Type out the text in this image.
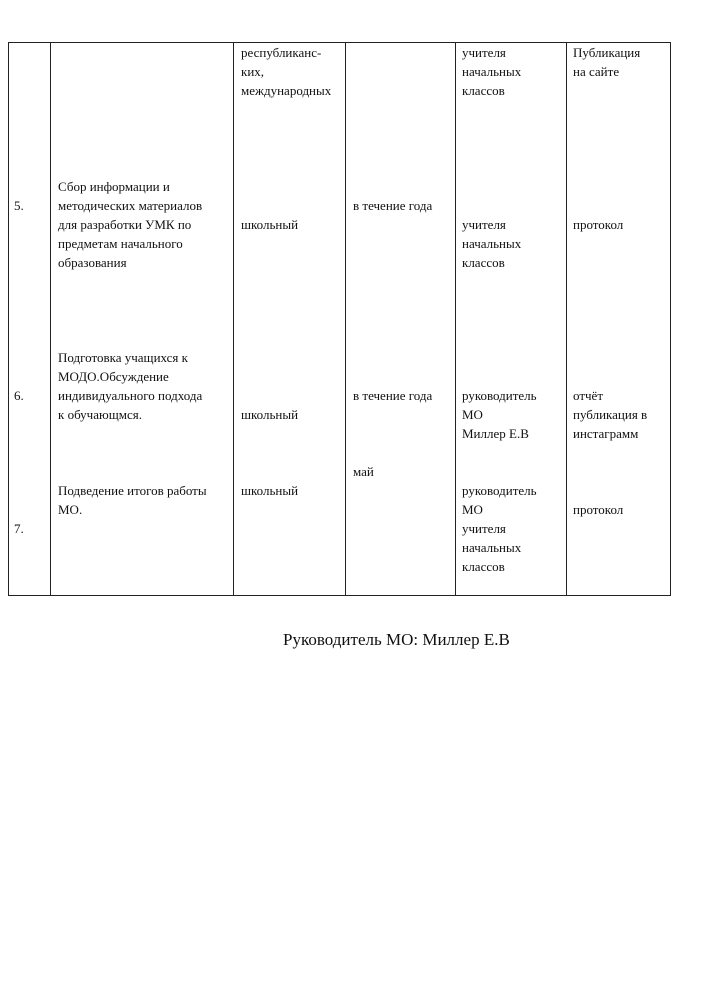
республиканс-
ких,
международных
учителя
начальных
классов
Публикация
на сайте
5.
Сбор информации и
методических материалов
для разработки УМК по
предметам начального
образования
школьный
в течение года
учителя
начальных
классов
протокол
6.
Подготовка учащихся к
МОДО.Обсуждение
индивидуального подхода
к обучающмся.	школьный
в течение года руководитель
МО
Миллер Е.В
отчёт
публикация в
инстаграмм
7.
Подведение итогов работы
МО.
школьный
май
руководитель
МО
учителя
начальных
классов
протокол
Руководитель МО: Миллер Е.В
